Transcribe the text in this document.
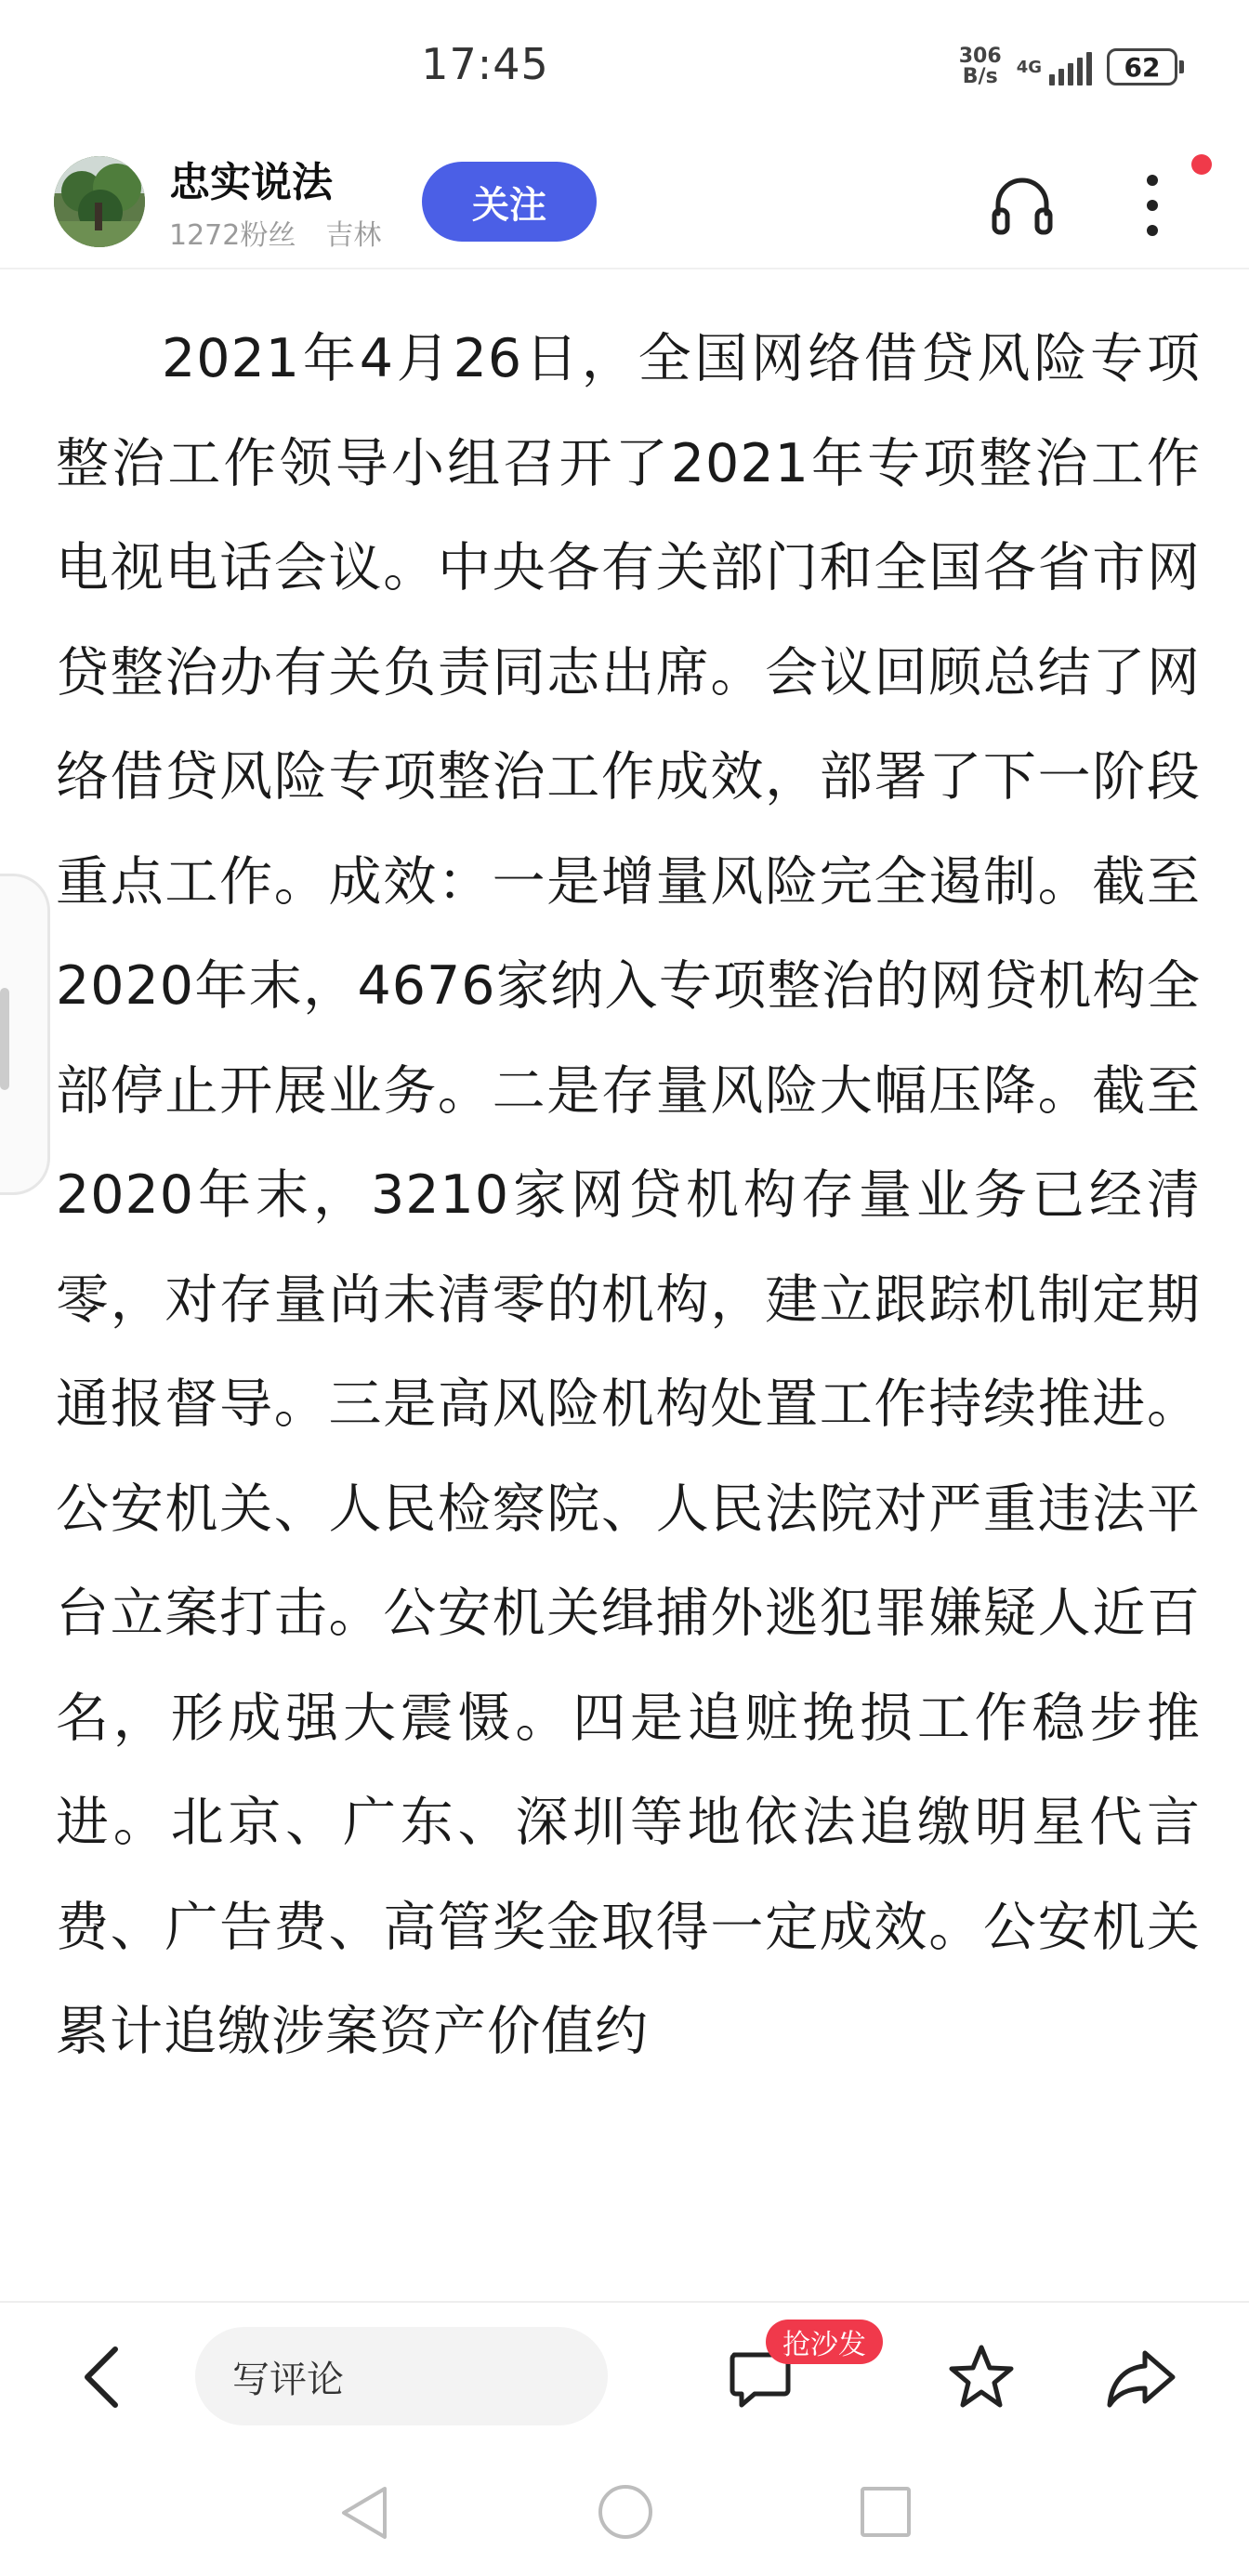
17:45	306
B/s 4G	62
忠实说法
1272粉丝 吉林
关注

2021年4月26日，全国网络借贷风险专项整治工作领导小组召开了2021年专项整治工作电视电话会议。中央各有关部门和全国各省市网贷整治办有关负责同志出席。会议回顾总结了网络借贷风险专项整治工作成效，部署了下一阶段重点工作。成效：一是增量风险完全遏制。截至2020年末，4676家纳入专项整治的网贷机构全部停止开展业务。二是存量风险大幅压降。截至2020年末，3210家网贷机构存量业务已经清零，对存量尚未清零的机构，建立跟踪机制定期通报督导。三是高风险机构处置工作持续推进。公安机关、人民检察院、人民法院对严重违法平台立案打击。公安机关缉捕外逃犯罪嫌疑人近百名，形成强大震慑。四是追赃挽损工作稳步推进。北京、广东、深圳等地依法追缴明星代言费、广告费、高管奖金取得一定成效。公安机关累计追缴涉案资产价值约

写评论
抢沙发
